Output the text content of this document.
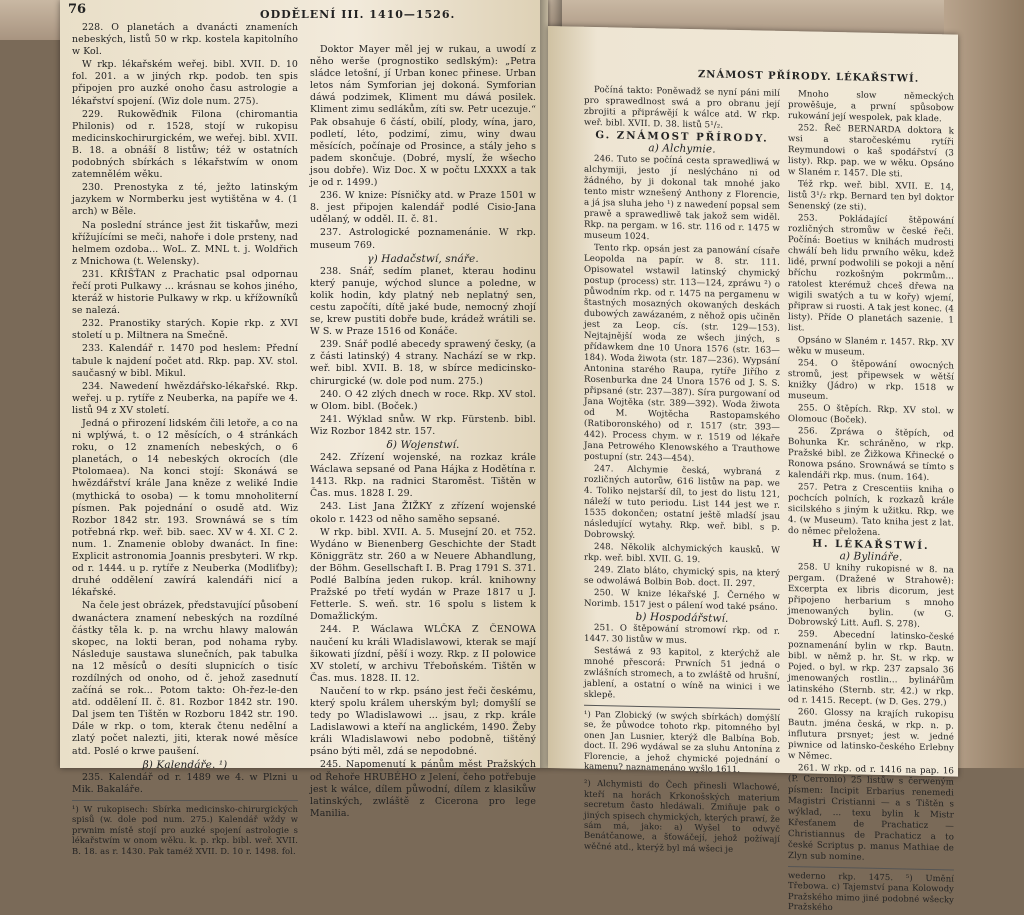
76	ODDĚLENÍ III. 1410—1526.

228. O planetách a dvanácti znameních nebeských, listů 50 w rkp. kostela kapitolního w Kol.

W rkp. lékařském weřej. bibl. XVII. D. 10 fol. 201. a w jiných rkp. podob. ten spis připojen pro auzké onoho času astrologie a lékařství spojení. (Wiz dole num. 275).

229. Rukowěďnik Filona (chiromantia Philonis) od r. 1528, stojí w rukopisu medicinskochirurgickém, we weřej. bibl. XVII. B. 18. a obnáší 8 listůw; též w ostatních podobných sbírkách s lékařstwím w onom zatemnělém wěku.

230. Prenostyka z té, ježto latinským jazykem w Normberku jest wytištěna w 4. (1 arch) w Běle.

Na poslední stránce jest žit tiskařůw, mezi křížujícími se meči, nahoře i dole prsteny, nad helmem ozdoba... WoL. Z. MNL t. j. Woldřich z Mnichowa (t. Welensky).

231. KŘIŠŤAN z Prachatic psal odpornau řečí proti Pulkawy ... krásnau se kohos jiného, kteráž w historie Pulkawy w rkp. u křížowníků se nalezá.

232. Pranostiky starých. Kopie rkp. z XVI století u p. Miltnera na Smečně.

233. Kalendář r. 1470 pod heslem: Přední tabule k najdení počet atd. Rkp. pap. XV. stol. saučasný w bibl. Mikul.

234. Nawedení hwězdářsko-lékařské. Rkp. weřej. u p. rytíře z Neuberka, na papíře we 4. listů 94 z XV století.

Jedná o přirození lidském čili letoře, a co na ni wplýwá, t. o 12 měsících, o 4 stránkách roku, o 12 znameních nebeských, o 6 planetách, o 14 nebeských okrocích (dle Ptolomaea). Na konci stojí: Skonáwá se hwězdářství krále Jana kněze z weliké Indie (mythická to osoba) — k tomu mnoholiterní písmen. Pak pojednání o osudě atd. Wiz Rozbor 1842 str. 193. Srownáwá se s tím potřebná rkp. weř. bib. saec. XV w 4. XI. C 2. num. 1. Znamenie obloby dwanáct. In fine: Explicit astronomia Joannis presbyteri. W rkp. od r. 1444. u p. rytíře z Neuberka (Modliťby); druhé oddělení zawírá kalendáři nicí a lékařské.

Na čele jest obrázek, představující působení dwanáctera znamení nebeských na rozdílné částky těla k. p. na wrchu hlawy malowán skopec, na lokti beran, pod nohama ryby. Následuje saustawa slunečních, pak tabulka na 12 měsíců o desíti slupnicích o tisíc rozdílných od onoho, od č. jehož zasednutí začíná se rok... Potom takto: Oh-řez-le-den atd. oddělení II. č. 81. Rozbor 1842 str. 190. Dal jsem ten Tištěn w Rozboru 1842 str. 190. Dále w rkp. o tom, kterak čtenu nedělní a zlatý počet nalezti, jiti, kterak nowé měsíce atd. Poslé o krwe paušení.

β) Kalendáře. ¹)

235. Kalendář od r. 1489 we 4. w Plzni u Mik. Bakaláře.

¹) W rukopisech: Sbírka medicinsko-chirurgických spisů (w. dole pod num. 275.) Kalendář wždy w prwnim místě stojí pro auzké spojení astrologie s lékařstwím w onom wěku. k. p. rkp. bibl. weř. XVII. B. 18. as r. 1430. Pak taméž XVII. D. 10 r. 1498. fol.

Doktor Mayer měl jej w rukau, a uwodí z něho werše (prognostiko sedlským): „Petra sládce letošní, jí Urban konec přinese. Urban letos nám Symforian jej dokoná. Symforian dáwá podzimek, Kliment mu dáwá posilek. Kliment zimu sedlákům, zíti sw. Petr ucezuje.“ Pak obsahuje 6 částí, obilí, plody, wína, jaro, podletí, léto, podzimí, zimu, winy dwau měsících, počínaje od Prosince, a stály jeho s padem skončuje. (Dobré, myslí, že wšecho jsou dobře). Wiz Doc. X w počtu LXXXX a tak je od r. 1499.)

236. W knize: Písničky atd. w Praze 1501 w 8. jest připojen kalendář podlé Cisio-Jana udělaný, w odděl. II. č. 81.

237. Astrologické poznamenánie. W rkp. museum 769.

γ) Hadačstwí, snáře.

238. Snář, sedím planet, kterau hodinu který panuje, wýchod slunce a poledne, w kolik hodin, kdy platný neb neplatný sen, cestu započíti, dítě jaké bude, nemocný zhojí se, krew pustiti dobře bude, krádež wrátili se. W S. w Praze 1516 od Konáče.

239. Snář podlé abecedy sprawený česky, (a z části latinský) 4 strany. Nachází se w rkp. weř. bibl. XVII. B. 18, w sbírce medicinsko-chirurgické (w. dole pod num. 275.)

240. O 42 zlých dnech w roce. Rkp. XV stol. w Olom. bibl. (Boček.)

241. Wýklad snůw. W rkp. Fürstenb. bibl. Wiz Rozbor 1842 str. 157.

δ) Wojenstwí.

242. Zřízení wojenské, na rozkaz krále Wáclawa sepsané od Pana Hájka z Hodětína r. 1413. Rkp. na radnici Staroměst. Tištěn w Čas. mus. 1828 I. 29.

243. List Jana ŽIŽKY z zřízení wojenské okolo r. 1423 od něho saměho sepsané.

W rkp. bibl. XVII. A. 5. Musejní 20. et 752. Wydáno w Bienenberg Geschichte der Stadt Königgrätz str. 260 a w Neuere Abhandlung, der Böhm. Gesellschaft I. B. Prag 1791 S. 371. Podlé Balbína jeden rukop. král. knihowny Pražské po třetí wydán w Praze 1817 u J. Fetterle. S. weň. str. 16 spolu s listem k Domažlickým.

244. P. Wáclawa WLČKA Z ČENOWA naučení ku králi Wladislawowi, kterak se mají šikowati jízdní, pěší i wozy. Rkp. z II polowice XV století, w archivu Třeboňském. Tištěn w Čas. mus. 1828. II. 12.

Naučení to w rkp. psáno jest řeči českému, který spolu králem uherským byl; domyšlí se tedy po Wladislawowi ... jsau, z rkp. krále Ladislawowi a kteří na anglickém, 1490. Žeby králi Wladislawowi nebo podobně, tištěný psáno býti měl, zdá se nepodobné.

245. Napomenutí k pánům měst Pražských od Řehoře HRUBÉHO z Jelení, čeho potřebuje jest k wálce, dílem půwodní, dílem z klasikůw latinských, zwláště z Cicerona pro lege Manilia.

ZNÁMOST PŘÍRODY. LÉKAŘSTWÍ.

Počíná takto: Poněwadž se nyní páni milí pro sprawedlnost swá a pro obranu její zbrojiti a připráwějí k wálce atd. W rkp. weř. bibl. XVII. D. 38. listů 5¹/₂.

G. ZNÁMOST PŘÍRODY.

a) Alchymie.

246. Tuto se počíná cesta sprawedliwá w alchymiji, jesto jí neslýcháno ni od žádného, by ji dokonal tak mnohé jako tento mistr wznešený Anthony z Florencie, a já jsa sluha jeho ¹) z nawedení popsal sem prawě a sprawedliwě tak jakož sem widěl. Rkp. na pergam. w 16. str. 116 od r. 1475 w museum 1024.

Tento rkp. opsán jest za panowání císaře Leopolda na papír. w 8. str. 111. Opisowatel wstawil latinský chymický postup (process) str. 113—124, zpráwu ²) o půwodním rkp. od r. 1475 na pergamenu w štastných mosazných okowaných deskách dubowých zawázaném, z něhož opis učiněn jest za Leop. cís. (str. 129—153). Nejtajnější woda ze wšech jiných, s přídawkem dne 10 Unora 1576 (str. 163—184). Woda žiwota (str. 187—236). Wypsání Antonina starého Raupa, rytíře Jiřího z Rosenburka dne 24 Unora 1576 od J. S. S. připsané (str. 237—387). Síra purgowaní od Jana Wojtěka (str. 389—392). Woda žiwota od M. Wojtěcha Rastopamského (Ratiboronského) od r. 1517 (str. 393—442). Process chym. w r. 1519 od lékaře Jana Petrowého Klenowského a Trauthowe postupní (str. 243—454).

247. Alchymie česká, wybraná z rozličných autorůw, 616 listůw na pap. we 4. Toliko nejstarší díl, to jest do listu 121, náleží w tuto periodu. List 144 jest we r. 1535 dokončen; ostatní ještě mladší jsau následující wytahy. Rkp. weř. bibl. s p. Dobrowský.

248. Několik alchymických kausků. W rkp. weř. bibl. XVII. G. 19.

249. Zlato bláto, chymický spis, na který se odwoláwá Bolbin Bob. doct. II. 297.

250. W knize lékařské J. Černého w Norimb. 1517 jest o pálení wod také psáno.

b) Hospodářstwí.

251. O štěpowání stromowí rkp. od r. 1447. 30 listůw w mus.

Sestáwá z 93 kapitol, z kterýchž ale mnohé přescorá: Prwních 51 jedná o zwlášních stromech, a to zwláště od hrušní, jablení, a ostatní o wíně na winici i we sklepě.

¹) Pan Zlobický (w swých sbírkách) domýšlí se, že půwodce tohoto rkp. pitomného byl onen Jan Lusnier, kterýž dle Balbína Bob. doct. II. 296 wydáwal se za sluhu Antonína z Florencie, a jehož chymické pojednání o kamenu? naznamenáno wyšlo 1611.
²) Alchymisti do Čech přinesli Wlachowé, kteří na horách Krkonošských materium secretum často hledáwali. Zmiňuje pak o jiných spisech chymických, kterých prawí, že sám má, jako: a) Wyšel to odwyč Benátčanowe, a šťowáčejí, jehož požíwají wěčné atd., kterýž byl má wšeci je

Mnoho slow německých prowěšuje, a prwní spůsobow rukowání její wespolek, pak klade.

252. Řeč BERNARDA doktora k wsi a staročeskému rytíři Reymundowi o kaš spodářství (3 listy). Rkp. pap. we w wěku. Opsáno w Slaném r. 1457. Dle sti.

Též rkp. weř. bibl. XVII. E. 14, listů 3¹/₂ rkp. Bernard ten byl doktor Senenský (ze sti).

253. Pokládající štěpowání rozličných stromůw w české řeči. Počíná: Boetius w knihách mudrosti chwálí beh lidu prwního wěku, kdež lidé, prwní podwolili se pokoji a nění bříchu rozkošným pokrmům... ratolest kterémuž chceš dřewa na wigili swatých a tu w kořy) wjemí, připraw si ruosti. A tak jest konec. (4 listy). Příde O planetách sazenie. 1 list.

Opsáno w Slaném r. 1457. Rkp. XV wěku w museum.

254. O štěpowání owocných stromů, jest připewsek w wětší knižky (Jádro) w rkp. 1518 w museum.

255. O štěpích. Rkp. XV stol. w Olomouc (Boček).

256. Zpráwa o štěpích, od Bohunka Kr. schráněno, w rkp. Pražské bibl. ze Žižkowa Křinecké o Ronowa psáno. Srownáwá se tímto s kalendáři rkp. mus. (num. 164).

257. Petra z Crescentiis kniha o pochcích polních, k rozkazů krále sicilského s jiným k užitku. Rkp. we 4. (w Museum). Tato kniha jest z lat. do němec přeložena.

H. LÉKAŘSTWÍ.

a) Bylináře.

258. U knihy rukopisné w 8. na pergam. (Dražené w Strahowě): Excerpta ex libris dicorum, jest připojeno herbarium s mnoho jmenowaných bylin. (w G. Dobrowský Litt. Aufl. S. 278).

259. Abecední latinsko-české poznamenání bylin w rkp. Bautn. bibl. w němž p. hr. St. w rkp. w Pojed. o byl. w rkp. 237 zapsalo 36 jmenowaných rostlin... bylinářům latinského (Sternb. str. 42.) w rkp. od r. 1415. Recept. (w D. Ges. 279.)

260. Glossy na krajích rukopisu Bautn. jména česká, w rkp. n. p. influtura prsnyet; jest w. jedné piwnice od latinsko-českého Erlebny w Němec.

261. W rkp. od r. 1416 na pap. 16 (P. Cerronio) 25 listůw s čerweným písmen: Incipit Erbarius renemedi Magistri Cristianni — a s Tištěn s wýklad, ... texu bylin k Mistr Křesťanem de Prachaticz — Christiannus de Prachaticz a to české Scriptus p. manus Mathiae de Zlyn sub nomine.

wederno rkp. 1475. ⁵) Umění Třebowa. c) Tajemství pana Kolowody Pražského mimo jiné podobné wšecky Pražského
